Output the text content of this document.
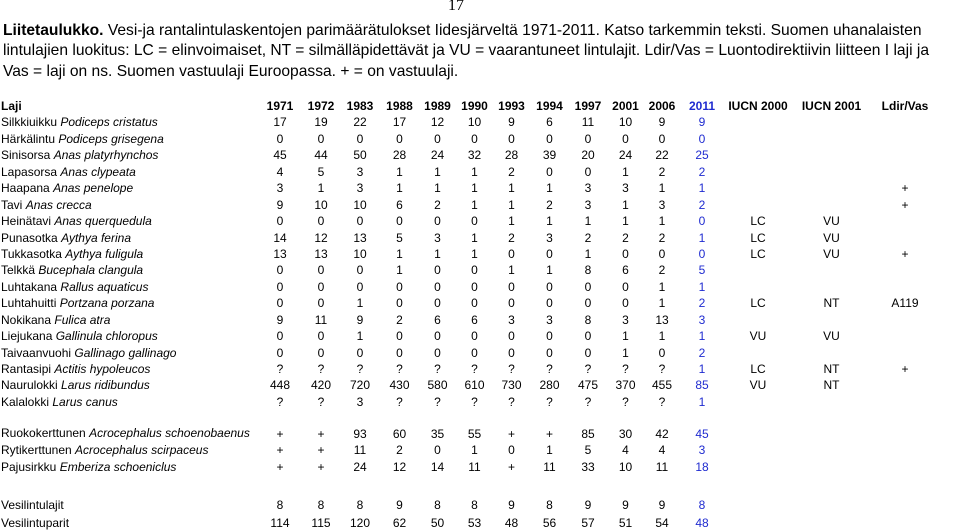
17
Liitetaulukko. Vesi-ja rantalintulaskentojen parimäärätulokset Iidesjärveltä 1971-2011. Katso tarkemmin teksti. Suomen uhanalaisten lintulajien luokitus: LC = elinvoimaiset, NT = silmälläpidettävät ja VU = vaarantuneet lintulajit. Ldir/Vas = Luontodirektiivin liitteen I laji ja Vas = laji on ns. Suomen vastuulaji Euroopassa. + = on vastuulaji.
Laji	1971	1972	1983	1988	1989	1990	1993	1994	1997	2001	2006	2011	IUCN 2000	IUCN 2001	Ldir/Vas
Silkkiuikku Podiceps cristatus	17	19	22	17	12	10	9	6	11	10	9	9			
Härkälintu Podiceps grisegena	0	0	0	0	0	0	0	0	0	0	0	0			
Sinisorsa Anas platyrhynchos	45	44	50	28	24	32	28	39	20	24	22	25			
Lapasorsa Anas clypeata	4	5	3	1	1	1	2	0	0	1	2	2			
Haapana Anas penelope	3	1	3	1	1	1	1	1	3	3	1	1			+
Tavi Anas crecca	9	10	10	6	2	1	1	2	3	1	3	2			+
Heinätavi Anas querquedula	0	0	0	0	0	0	1	1	1	1	1	0	LC	VU	
Punasotka Aythya ferina	14	12	13	5	3	1	2	3	2	2	2	1	LC	VU	
Tukkasotka Aythya fuligula	13	13	10	1	1	1	0	0	1	0	0	0	LC	VU	+
Telkkä Bucephala clangula	0	0	0	1	0	0	1	1	8	6	2	5			
Luhtakana Rallus aquaticus	0	0	0	0	0	0	0	0	0	0	1	1			
Luhtahuitti Portzana porzana	0	0	1	0	0	0	0	0	0	0	1	2	LC	NT	A119
Nokikana Fulica atra	9	11	9	2	6	6	3	3	8	3	13	3			
Liejukana Gallinula chloropus	0	0	1	0	0	0	0	0	0	1	1	1	VU	VU	
Taivaanvuohi Gallinago gallinago	0	0	0	0	0	0	0	0	0	1	0	2			
Rantasipi Actitis hypoleucos	?	?	?	?	?	?	?	?	?	?	?	1	LC	NT	+
Naurulokki Larus ridibundus	448	420	720	430	580	610	730	280	475	370	455	85	VU	NT	
Kalalokki Larus canus	?	?	3	?	?	?	?	?	?	?	?	1			
Ruokokerttunen Acrocephalus schoenobaenus	+	+	93	60	35	55	+	+	85	30	42	45			
Rytikerttunen Acrocephalus scirpaceus	+	+	11	2	0	1	0	1	5	4	4	3			
Pajusirkku Emberiza schoeniclus	+	+	24	12	14	11	+	11	33	10	11	18			

Vesilintulajit	8	8	8	9	8	8	9	8	9	9	9	8			
Vesilintuparit	114	115	120	62	50	53	48	56	57	51	54	48			
